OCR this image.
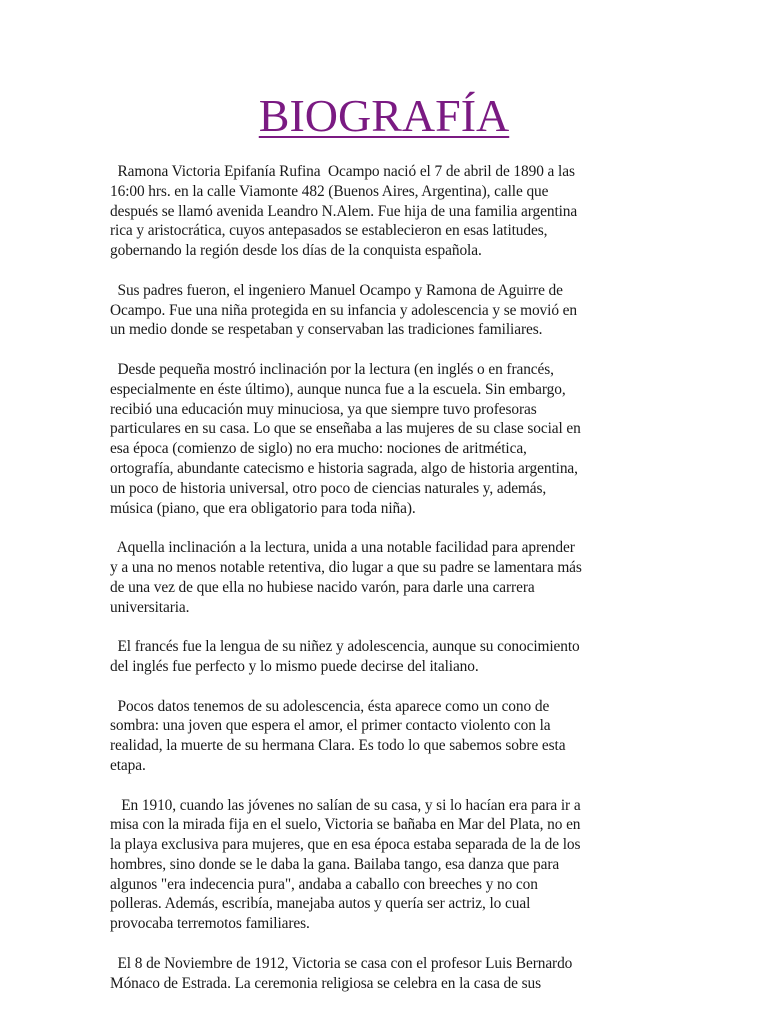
BIOGRAFÍA

Ramona Victoria Epifanía Rufina  Ocampo nació el 7 de abril de 1890 a las
16:00 hrs. en la calle Viamonte 482 (Buenos Aires, Argentina), calle que
después se llamó avenida Leandro N.Alem. Fue hija de una familia argentina
rica y aristocrática, cuyos antepasados se establecieron en esas latitudes,
gobernando la región desde los días de la conquista española.

Sus padres fueron, el ingeniero Manuel Ocampo y Ramona de Aguirre de
Ocampo. Fue una niña protegida en su infancia y adolescencia y se movió en
un medio donde se respetaban y conservaban las tradiciones familiares.

Desde pequeña mostró inclinación por la lectura (en inglés o en francés,
especialmente en éste último), aunque nunca fue a la escuela. Sin embargo,
recibió una educación muy minuciosa, ya que siempre tuvo profesoras
particulares en su casa. Lo que se enseñaba a las mujeres de su clase social en
esa época (comienzo de siglo) no era mucho: nociones de aritmética,
ortografía, abundante catecismo e historia sagrada, algo de historia argentina,
un poco de historia universal, otro poco de ciencias naturales y, además,
música (piano, que era obligatorio para toda niña).

Aquella inclinación a la lectura, unida a una notable facilidad para aprender
y a una no menos notable retentiva, dio lugar a que su padre se lamentara más
de una vez de que ella no hubiese nacido varón, para darle una carrera
universitaria.

El francés fue la lengua de su niñez y adolescencia, aunque su conocimiento
del inglés fue perfecto y lo mismo puede decirse del italiano.

Pocos datos tenemos de su adolescencia, ésta aparece como un cono de
sombra: una joven que espera el amor, el primer contacto violento con la
realidad, la muerte de su hermana Clara. Es todo lo que sabemos sobre esta
etapa.

En 1910, cuando las jóvenes no salían de su casa, y si lo hacían era para ir a
misa con la mirada fija en el suelo, Victoria se bañaba en Mar del Plata, no en
la playa exclusiva para mujeres, que en esa época estaba separada de la de los
hombres, sino donde se le daba la gana. Bailaba tango, esa danza que para
algunos "era indecencia pura", andaba a caballo con breeches y no con
polleras. Además, escribía, manejaba autos y quería ser actriz, lo cual
provocaba terremotos familiares.

El 8 de Noviembre de 1912, Victoria se casa con el profesor Luis Bernardo
Mónaco de Estrada. La ceremonia religiosa se celebra en la casa de sus
